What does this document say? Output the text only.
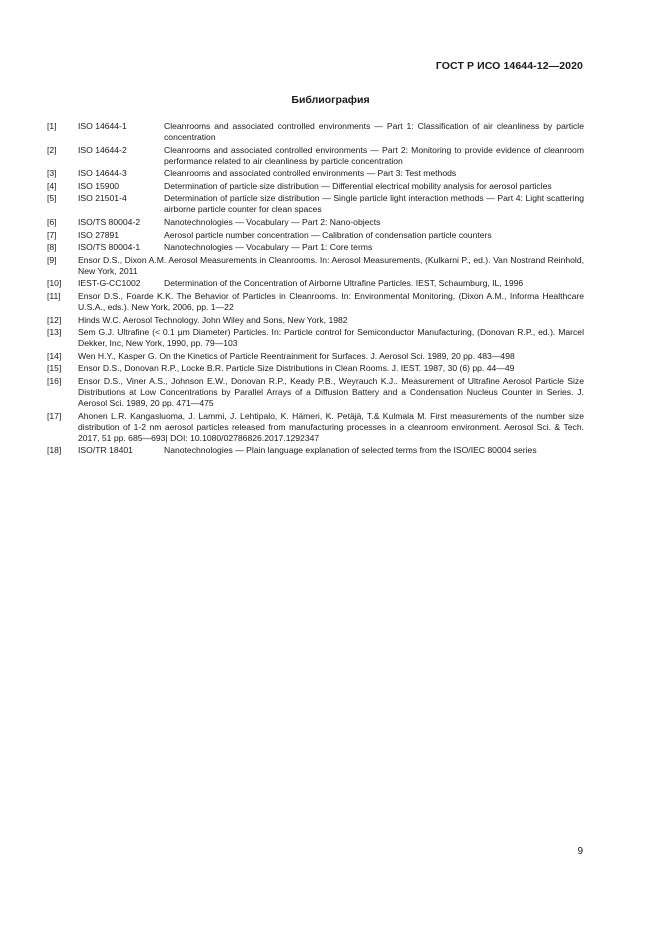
ГОСТ Р ИСО 14644-12—2020
Библиография
[1]	ISO 14644-1	Cleanrooms and associated controlled environments — Part 1: Classification of air cleanliness by particle concentration
[2]	ISO 14644-2	Cleanrooms and associated controlled environments — Part 2: Monitoring to provide evidence of cleanroom performance related to air cleanliness by particle concentration
[3]	ISO 14644-3	Cleanrooms and associated controlled environments — Part 3: Test methods
[4]	ISO 15900	Determination of particle size distribution — Differential electrical mobility analysis for aerosol particles
[5]	ISO 21501-4	Determination of particle size distribution — Single particle light interaction methods — Part 4: Light scattering airborne particle counter for clean spaces
[6]	ISO/TS 80004-2	Nanotechnologies — Vocabulary — Part 2: Nano-objects
[7]	ISO 27891	Aerosol particle number concentration — Calibration of condensation particle counters
[8]	ISO/TS 80004-1	Nanotechnologies — Vocabulary — Part 1: Core terms
[9]	Ensor D.S., Dixon A.M. Aerosol Measurements in Cleanrooms. In: Aerosol Measurements, (Kulkarni P., ed.). Van Nostrand Reinhold, New York, 2011
[10]	IEST-G-CC1002	Determination of the Concentration of Airborne Ultrafine Particles. IEST, Schaumburg, IL, 1996
[11]	Ensor D.S., Foarde K.K. The Behavior of Particles in Cleanrooms. In: Environmental Monitoring, (Dixon A.M., Informa Healthcare U.S.A., eds.). New York, 2006, pp. 1—22
[12]	Hinds W.C. Aerosol Technology. John Wiley and Sons, New York, 1982
[13]	Sem G.J. Ultrafine (< 0.1 μm Diameter) Particles. In: Particle control for Semiconductor Manufacturing, (Donovan R.P., ed.). Marcel Dekker, Inc, New York, 1990, pp. 79—103
[14]	Wen H.Y., Kasper G. On the Kinetics of Particle Reentrainment for Surfaces. J. Aerosol Sci. 1989, 20 pp. 483—498
[15]	Ensor D.S., Donovan R.P., Locke B.R. Particle Size Distributions in Clean Rooms. J. IEST. 1987, 30 (6) pp. 44—49
[16]	Ensor D.S., Viner A.S., Johnson E.W., Donovan R.P., Keady P.B., Weyrauch K.J.. Measurement of Ultrafine Aerosol Particle Size Distributions at Low Concentrations by Parallel Arrays of a Diffusion Battery and a Condensation Nucleus Counter in Series. J. Aerosol Sci. 1989, 20 pp. 471—475
[17]	Ahonen L.R. Kangasluoma, J. Lammi, J. Lehtipalo, K. Hämeri, K. Petäjä, T.& Kulmala M. First measurements of the number size distribution of 1-2 nm aerosol particles released from manufacturing processes in a cleanroom environment. Aerosol Sci. & Tech. 2017, 51 pp. 685—693| DOI: 10.1080/02786826.2017.1292347
[18]	ISO/TR 18401	Nanotechnologies — Plain language explanation of selected terms from the ISO/IEC 80004 series
9
